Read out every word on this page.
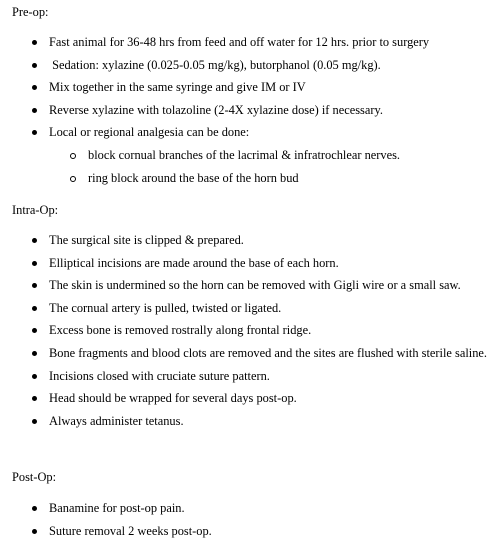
Pre-op:

Fast animal for 36-48 hrs from feed and off water for 12 hrs. prior to surgery
Sedation: xylazine (0.025-0.05 mg/kg), butorphanol (0.05 mg/kg).
Mix together in the same syringe and give IM or IV
Reverse xylazine with tolazoline (2-4X xylazine dose) if necessary.
Local or regional analgesia can be done:
block cornual branches of the lacrimal & infratrochlear nerves.
ring block around the base of the horn bud

Intra-Op:

The surgical site is clipped & prepared.
Elliptical incisions are made around the base of each horn.
The skin is undermined so the horn can be removed with Gigli wire or a small saw.
The cornual artery is pulled, twisted or ligated.
Excess bone is removed rostrally along frontal ridge.
Bone fragments and blood clots are removed and the sites are flushed with sterile saline.
Incisions closed with cruciate suture pattern.
Head should be wrapped for several days post-op.
Always administer tetanus.

Post-Op:

Banamine for post-op pain.
Suture removal 2 weeks post-op.
